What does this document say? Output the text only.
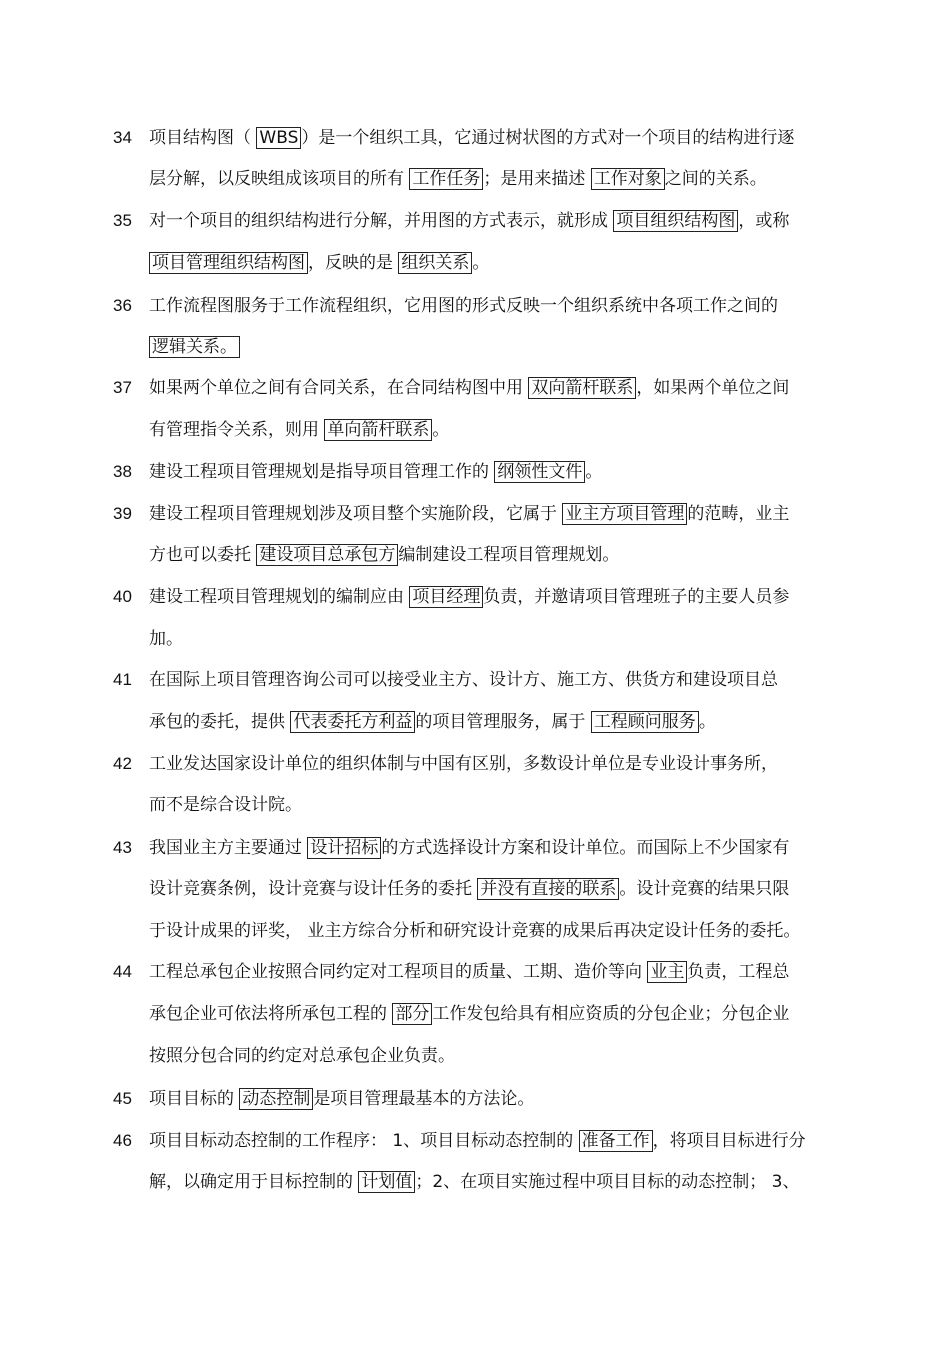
34 项目结构图（ WBS ）是一个组织工具，它通过树状图的方式对一个项目的结构进行逐
层分解，以反映组成该项目的所有 工作任务 ；是用来描述 工作对象 之间的关系。
35 对一个项目的组织结构进行分解，并用图的方式表示，就形成 项目组织结构图 ，或称
项目管理组织结构图 ，反映的是 组织关系 。
36 工作流程图服务于工作流程组织，它用图的形式反映一个组织系统中各项工作之间的
逻辑关系。
37 如果两个单位之间有合同关系，在合同结构图中用 双向箭杆联系 ，如果两个单位之间
有管理指令关系，则用 单向箭杆联系 。
38 建设工程项目管理规划是指导项目管理工作的 纲领性文件 。
39 建设工程项目管理规划涉及项目整个实施阶段，它属于 业主方项目管理 的范畴，业主
方也可以委托 建设项目总承包方 编制建设工程项目管理规划。
40 建设工程项目管理规划的编制应由 项目经理 负责，并邀请项目管理班子的主要人员参
加。
41 在国际上项目管理咨询公司可以接受业主方、设计方、施工方、供货方和建设项目总
承包的委托，提供 代表委托方利益 的项目管理服务，属于 工程顾问服务 。
42 工业发达国家设计单位的组织体制与中国有区别，多数设计单位是专业设计事务所，
而不是综合设计院。
43 我国业主方主要通过 设计招标 的方式选择设计方案和设计单位。而国际上不少国家有
设计竞赛条例，设计竞赛与设计任务的委托 并没有直接的联系 。设计竞赛的结果只限
于设计成果的评奖， 业主方综合分析和研究设计竞赛的成果后再决定设计任务的委托。
44 工程总承包企业按照合同约定对工程项目的质量、工期、造价等向 业主 负责，工程总
承包企业可依法将所承包工程的 部分 工作发包给具有相应资质的分包企业；分包企业
按照分包合同的约定对总承包企业负责。
45 项目目标的 动态控制 是项目管理最基本的方法论。
46 项目目标动态控制的工作程序： 1、项目目标动态控制的 准备工作 ，将项目目标进行分
解，以确定用于目标控制的 计划值 ；2、在项目实施过程中项目目标的动态控制； 3、
